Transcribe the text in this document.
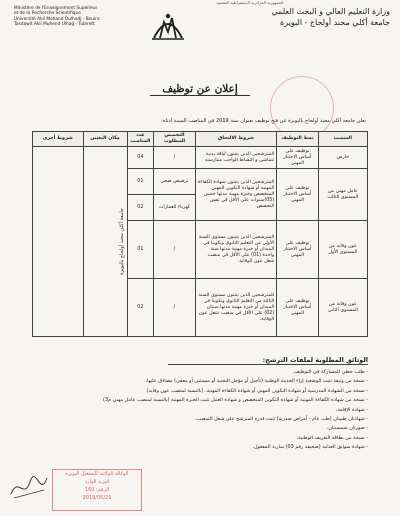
الجمهورية الجزائرية الديمقراطية الشعبية
Ministère de l'Enseignement Supérieur
et de la Recherche Scientifique
Université Akli Mohand Oulhadj - Bouira
Tasdawit Akli Muhend Ulhağ - Tubirett
وزارة التعليم العالي و البحث العلمي
جامعة أكلي محند أولحاج - البويرة
إعلان عن توظيف
تعلن جامعة أكلي محند أولحاج بالبويرة عن فتح توظيف بعنوان سنة 2019 في المناصب المبينة أدناه:
المنصب	نمط التوظيف	شروط الالتحاق	التخصص المطلوب	عدد المناصب	مكان التعيين	شروط أخرى
حارس	توظيف على أساس الاختبار المهني	المترشحين الذين يثبتون لياقة بدنية تتماشى و النشاط الواجب ممارسته	/	04	جامعة أكلي محند أولحاج بالبويرة	

عامل مهني من المستوى الثالث	توظيف على أساس الاختبار المهني	المترشحين الذين يثبتون شهادة الكفاءة المهنية أو شهادة التكوين المهني المتخصص وخبرة مهنية مدتها خمس (05)سنوات على الأقل في نفس التخصص.	ترصيص صحي	01		
			كهرباء العمارات	02		
عون وقاية من المستوى الأول	توظيف على أساس الاختبار المهني	المترشحين الذين يثبتون مستوى السنة الأولى من التعليم الثانوي وتكوينا في الميدان أو خبرة مهنية مدتها سنة واحدة (01) على الأقل في منصب شغل عون الوقاية.	/	01		
عون وقاية من المستوى الثاني	توظيف على أساس الاختبار المهني	للمترشحين الذين يثبتون مستوى السنة الثالثة من التعليم الثانوي وتكوينا في الميدان أو خبرة مهنية مدتها سنتان (02) على الأقل في منصب شغل عون الوقاية.	/	02		
الوثائق المطلوبة لملفات الترشح:
- طلب خطي للمشاركة في التوظيف.
- نسخة من وثيقة تثبت الوضعية إزاء الخدمة الوطنية (تأجيل أو مؤجل التجنيد أو مستثنى أو معفى) مصادق عليها.
- نسخة من الشهادة المدرسية أو شهادة التكوين المهني أو شهادة الكفاءة المهنية. (بالنسبة لمنصب عون وقاية)
- نسخة من شهادة الكفاءة المهنية أو شهادة التكوين المتخصص و شهادة العمل تثبت الخبرة المهنية (بالنسبة لمنصب عامل مهني م3)
- شهادة الإقامة.
- شهادتان طبيتان (طب عام - أمراض صدرية) تثبت قدرة المترشح على شغل المنصب.
- صورتان شمسيتان.
- نسخة من بطاقة التعريف الوطنية.
- شهادة سوابق العدلية (صحيفة رقم 03) سارية المفعول.
الوكالة الولائية للتشغيل البويرة
البريد الوارد
الرقم: 160
2019/05/21
